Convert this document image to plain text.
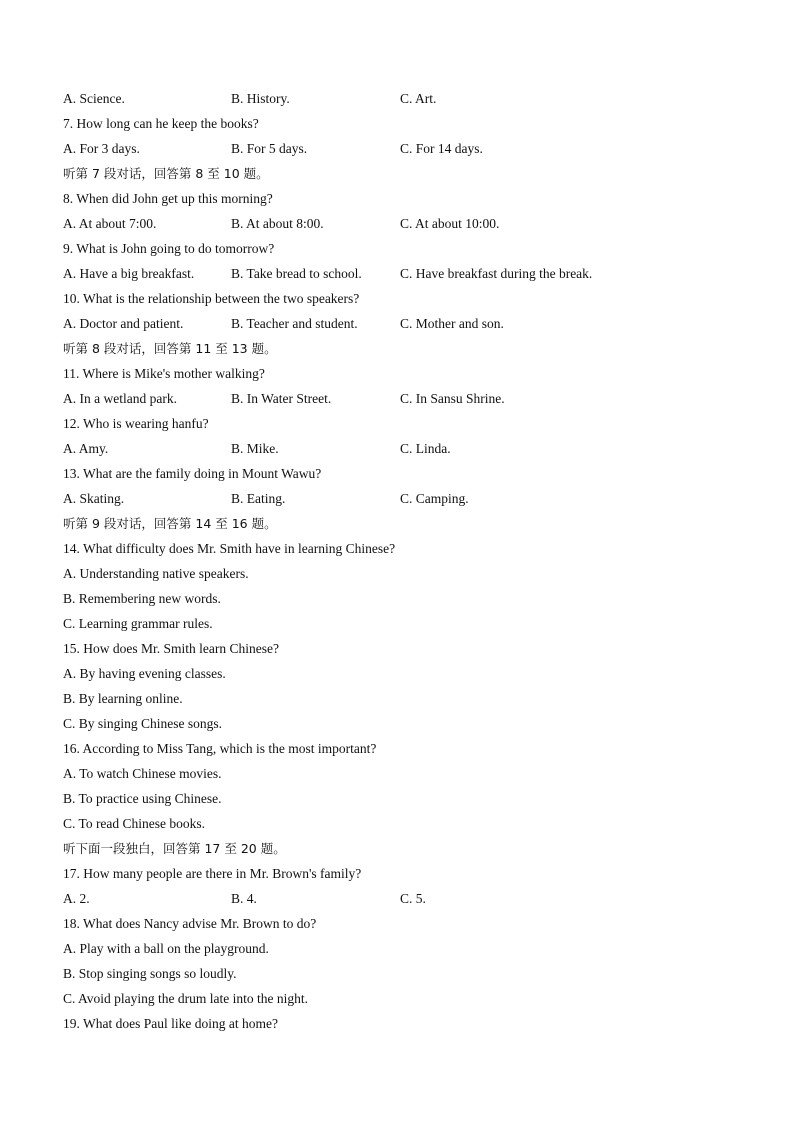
A. Science.	B. History.	C. Art.
7. How long can he keep the books?
A. For 3 days.	B. For 5 days.	C. For 14 days.
听第 7 段对话，回答第 8 至 10 题。
8. When did John get up this morning?
A. At about 7:00.	B. At about 8:00.	C. At about 10:00.
9. What is John going to do tomorrow?
A. Have a big breakfast.	B. Take bread to school.	C. Have breakfast during the break.
10. What is the relationship between the two speakers?
A. Doctor and patient.	B. Teacher and student.	C. Mother and son.
听第 8 段对话，回答第 11 至 13 题。
11. Where is Mike's mother walking?
A. In a wetland park.	B. In Water Street.	C. In Sansu Shrine.
12. Who is wearing hanfu?
A. Amy.	B. Mike.	C. Linda.
13. What are the family doing in Mount Wawu?
A. Skating.	B. Eating.	C. Camping.
听第 9 段对话，回答第 14 至 16 题。
14. What difficulty does Mr. Smith have in learning Chinese?
A. Understanding native speakers.
B. Remembering new words.
C. Learning grammar rules.
15. How does Mr. Smith learn Chinese?
A. By having evening classes.
B. By learning online.
C. By singing Chinese songs.
16. According to Miss Tang, which is the most important?
A. To watch Chinese movies.
B. To practice using Chinese.
C. To read Chinese books.
听下面一段独白，回答第 17 至 20 题。
17. How many people are there in Mr. Brown's family?
A. 2.	B. 4.	C. 5.
18. What does Nancy advise Mr. Brown to do?
A. Play with a ball on the playground.
B. Stop singing songs so loudly.
C. Avoid playing the drum late into the night.
19. What does Paul like doing at home?
